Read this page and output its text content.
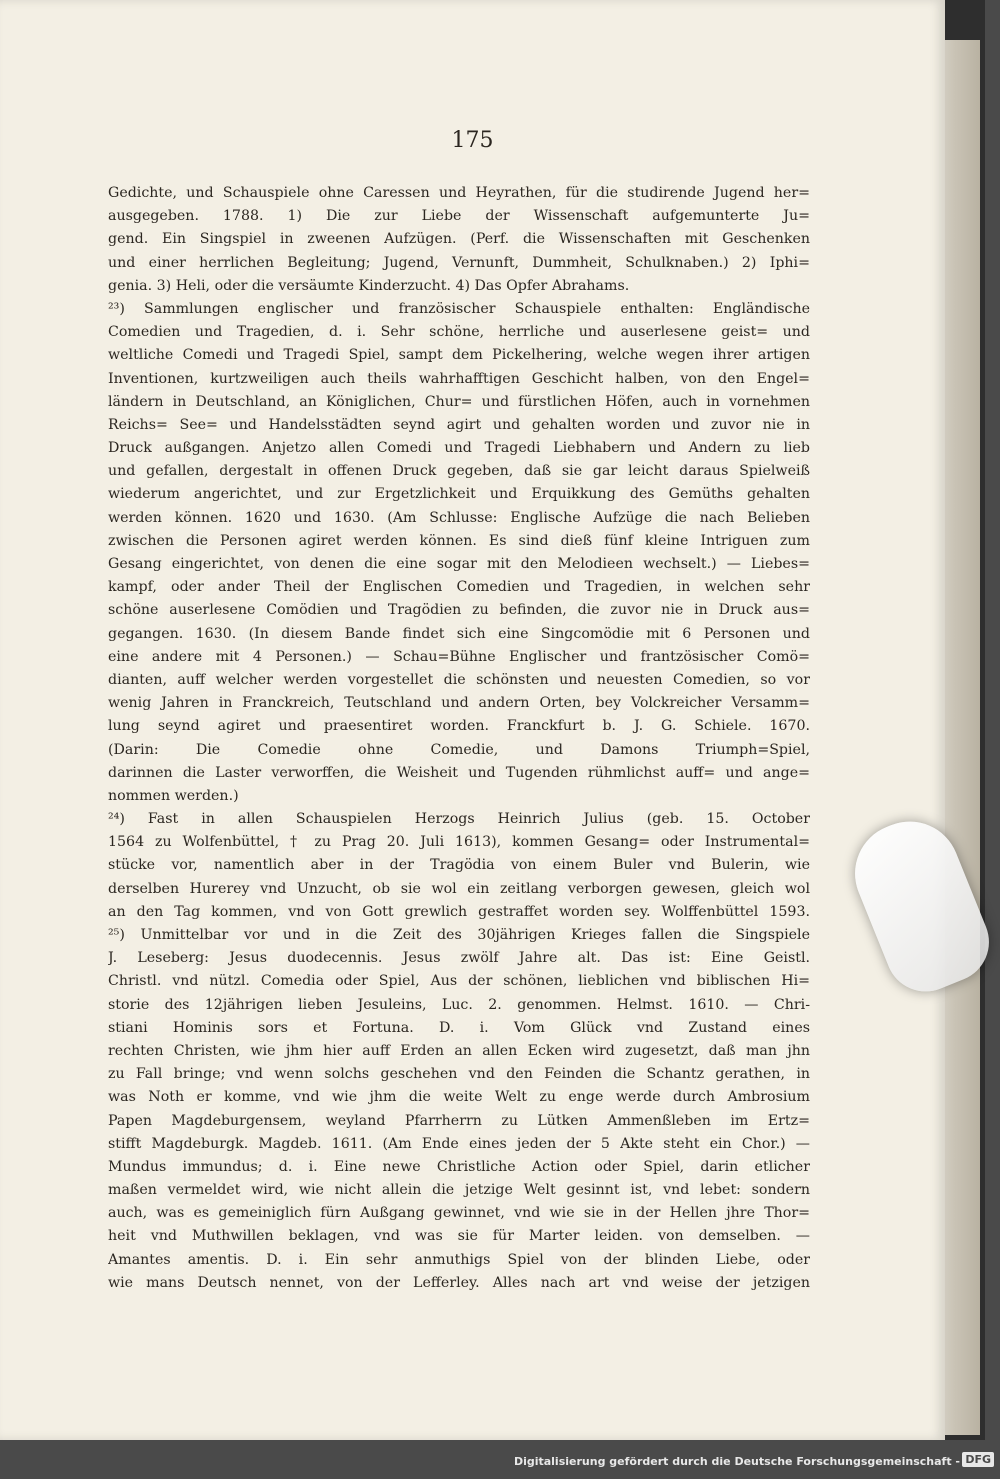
175
Gedichte, und Schauspiele ohne Caressen und Heyrathen, für die studirende Jugend her=
ausgegeben. 1788. 1) Die zur Liebe der Wissenschaft aufgemunterte Ju=
gend. Ein Singspiel in zweenen Aufzügen. (Perf. die Wissenschaften mit Geschenken
und einer herrlichen Begleitung; Jugend, Vernunft, Dummheit, Schulknaben.) 2) Iphi=
genia. 3) Heli, oder die versäumte Kinderzucht. 4) Das Opfer Abrahams.
²³) Sammlungen englischer und französischer Schauspiele enthalten: Engländische
Comedien und Tragedien, d. i. Sehr schöne, herrliche und auserlesene geist= und
weltliche Comedi und Tragedi Spiel, sampt dem Pickelhering, welche wegen ihrer artigen
Inventionen, kurtzweiligen auch theils wahrhafftigen Geschicht halben, von den Engel=
ländern in Deutschland, an Königlichen, Chur= und fürstlichen Höfen, auch in vornehmen
Reichs= See= und Handelsstädten seynd agirt und gehalten worden und zuvor nie in
Druck außgangen. Anjetzo allen Comedi und Tragedi Liebhabern und Andern zu lieb
und gefallen, dergestalt in offenen Druck gegeben, daß sie gar leicht daraus Spielweiß
wiederum angerichtet, und zur Ergetzlichkeit und Erquikkung des Gemüths gehalten
werden können. 1620 und 1630. (Am Schlusse: Englische Aufzüge die nach Belieben
zwischen die Personen agiret werden können. Es sind dieß fünf kleine Intriguen zum
Gesang eingerichtet, von denen die eine sogar mit den Melodieen wechselt.) — Liebes=
kampf, oder ander Theil der Englischen Comedien und Tragedien, in welchen sehr
schöne auserlesene Comödien und Tragödien zu befinden, die zuvor nie in Druck aus=
gegangen. 1630. (In diesem Bande findet sich eine Singcomödie mit 6 Personen und
eine andere mit 4 Personen.) — Schau=Bühne Englischer und frantzösischer Comö=
dianten, auff welcher werden vorgestellet die schönsten und neuesten Comedien, so vor
wenig Jahren in Franckreich, Teutschland und andern Orten, bey Volckreicher Versamm=
lung seynd agiret und praesentiret worden. Franckfurt b. J. G. Schiele. 1670.
(Darin: Die Comedie ohne Comedie, und Damons Triumph=Spiel,
darinnen die Laster verworffen, die Weisheit und Tugenden rühmlichst auff= und ange=
nommen werden.)
²⁴) Fast in allen Schauspielen Herzogs Heinrich Julius (geb. 15. October
1564 zu Wolfenbüttel, † zu Prag 20. Juli 1613), kommen Gesang= oder Instrumental=
stücke vor, namentlich aber in der Tragödia von einem Buler vnd Bulerin, wie
derselben Hurerey vnd Unzucht, ob sie wol ein zeitlang verborgen gewesen, gleich wol
an den Tag kommen, vnd von Gott grewlich gestraffet worden sey. Wolffenbüttel 1593.
²⁵) Unmittelbar vor und in die Zeit des 30jährigen Krieges fallen die Singspiele
J. Leseberg: Jesus duodecennis. Jesus zwölf Jahre alt. Das ist: Eine Geistl.
Christl. vnd nützl. Comedia oder Spiel, Aus der schönen, lieblichen vnd biblischen Hi=
storie des 12jährigen lieben Jesuleins, Luc. 2. genommen. Helmst. 1610. — Chri-
stiani Hominis sors et Fortuna. D. i. Vom Glück vnd Zustand eines
rechten Christen, wie jhm hier auff Erden an allen Ecken wird zugesetzt, daß man jhn
zu Fall bringe; vnd wenn solchs geschehen vnd den Feinden die Schantz gerathen, in
was Noth er komme, vnd wie jhm die weite Welt zu enge werde durch Ambrosium
Papen Magdeburgensem, weyland Pfarrherrn zu Lütken Ammenßleben im Ertz=
stifft Magdeburgk. Magdeb. 1611. (Am Ende eines jeden der 5 Akte steht ein Chor.) —
Mundus immundus; d. i. Eine newe Christliche Action oder Spiel, darin etlicher
maßen vermeldet wird, wie nicht allein die jetzige Welt gesinnt ist, vnd lebet: sondern
auch, was es gemeiniglich fürn Außgang gewinnet, vnd wie sie in der Hellen jhre Thor=
heit vnd Muthwillen beklagen, vnd was sie für Marter leiden. von demselben. —
Amantes amentis. D. i. Ein sehr anmuthigs Spiel von der blinden Liebe, oder
wie mans Deutsch nennet, von der Lefferley. Alles nach art vnd weise der jetzigen
Digitalisierung gefördert durch die Deutsche Forschungsgemeinschaft - DFG
